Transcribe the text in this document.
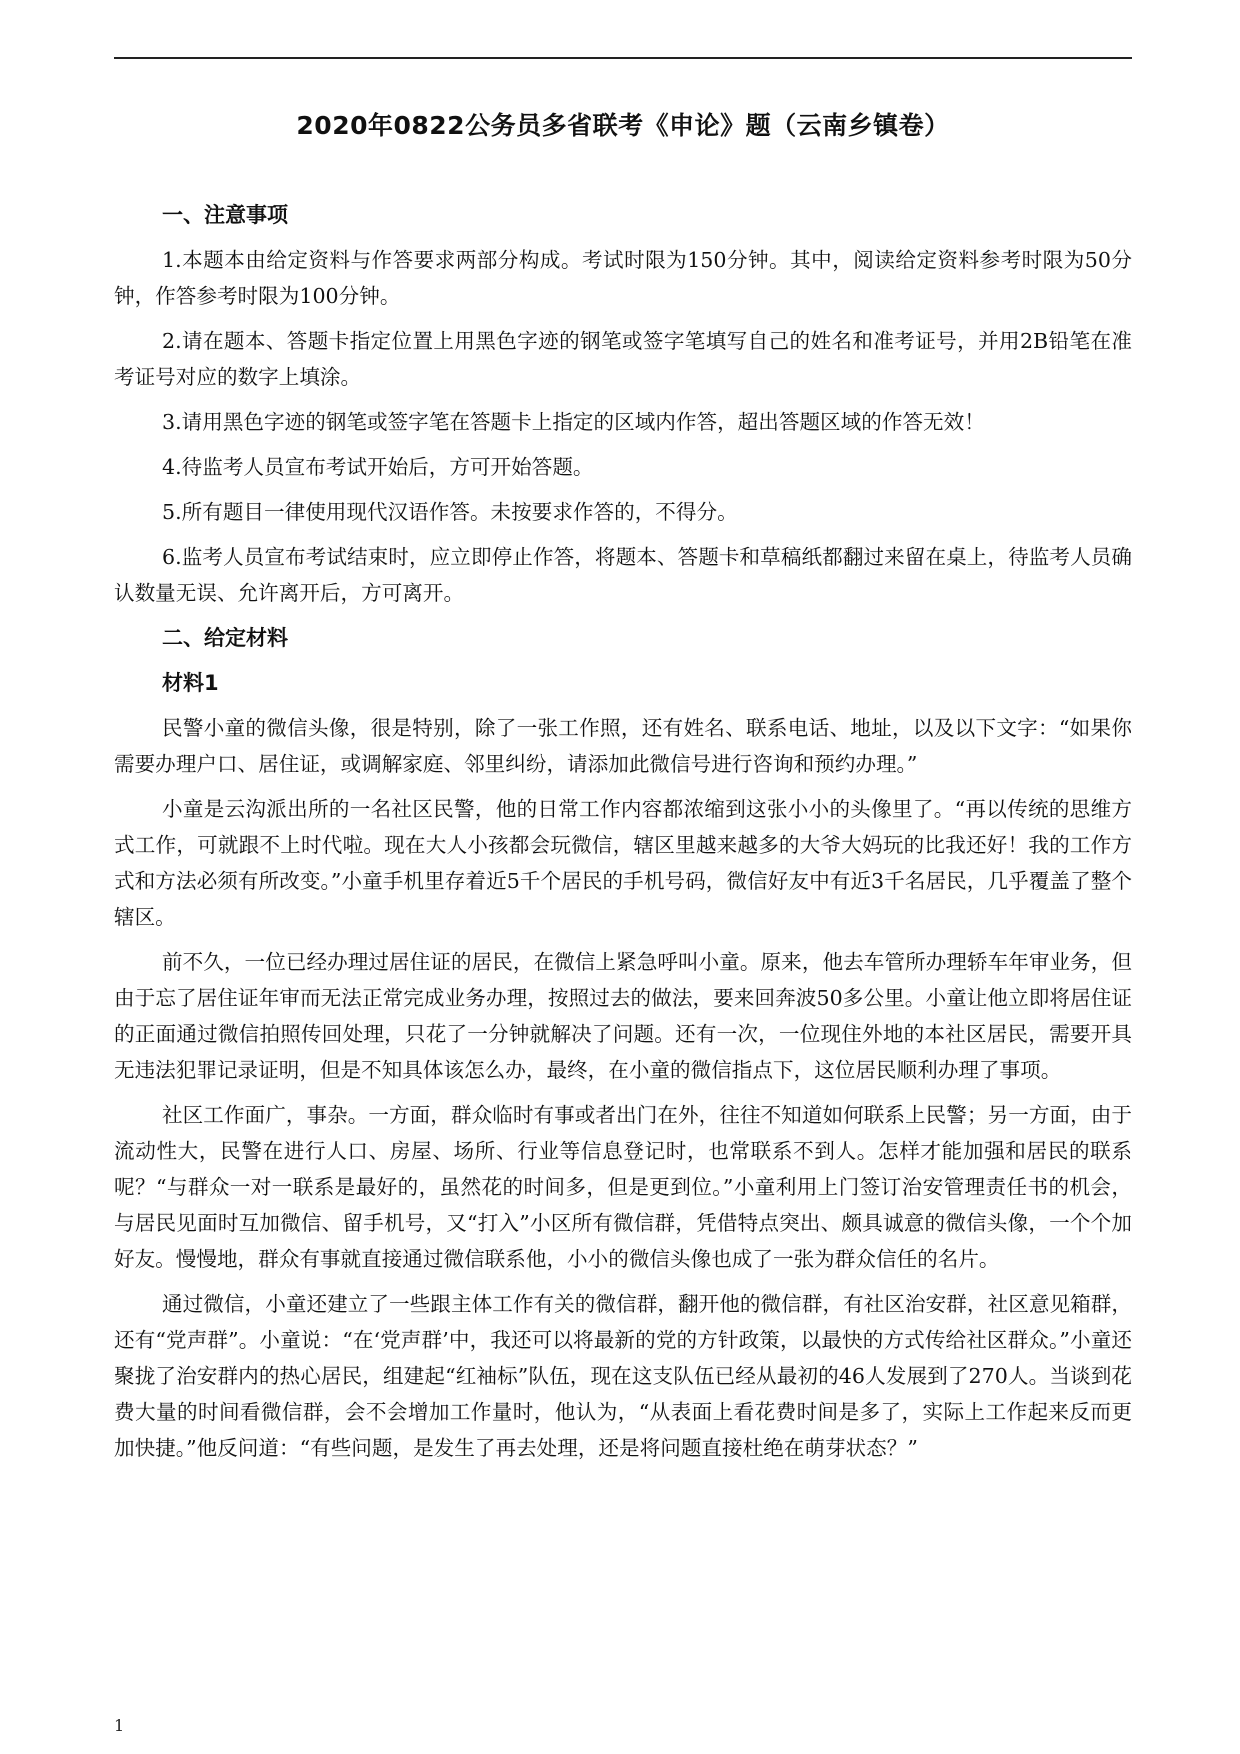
2020年0822公务员多省联考《申论》题（云南乡镇卷）
一、注意事项
1.本题本由给定资料与作答要求两部分构成。考试时限为150分钟。其中，阅读给定资料参考时限为50分钟，作答参考时限为100分钟。
2.请在题本、答题卡指定位置上用黑色字迹的钢笔或签字笔填写自己的姓名和准考证号，并用2B铅笔在准考证号对应的数字上填涂。
3.请用黑色字迹的钢笔或签字笔在答题卡上指定的区域内作答，超出答题区域的作答无效！
4.待监考人员宣布考试开始后，方可开始答题。
5.所有题目一律使用现代汉语作答。未按要求作答的，不得分。
6.监考人员宣布考试结束时，应立即停止作答，将题本、答题卡和草稿纸都翻过来留在桌上，待监考人员确认数量无误、允许离开后，方可离开。
二、给定材料
材料1
民警小童的微信头像，很是特别，除了一张工作照，还有姓名、联系电话、地址，以及以下文字：“如果你需要办理户口、居住证，或调解家庭、邻里纠纷，请添加此微信号进行咨询和预约办理。”
小童是云沟派出所的一名社区民警，他的日常工作内容都浓缩到这张小小的头像里了。“再以传统的思维方式工作，可就跟不上时代啦。现在大人小孩都会玩微信，辖区里越来越多的大爷大妈玩的比我还好！我的工作方式和方法必须有所改变。”小童手机里存着近5千个居民的手机号码，微信好友中有近3千名居民，几乎覆盖了整个辖区。
前不久，一位已经办理过居住证的居民，在微信上紧急呼叫小童。原来，他去车管所办理轿车年审业务，但由于忘了居住证年审而无法正常完成业务办理，按照过去的做法，要来回奔波50多公里。小童让他立即将居住证的正面通过微信拍照传回处理，只花了一分钟就解决了问题。还有一次，一位现住外地的本社区居民，需要开具无违法犯罪记录证明，但是不知具体该怎么办，最终，在小童的微信指点下，这位居民顺利办理了事项。
社区工作面广，事杂。一方面，群众临时有事或者出门在外，往往不知道如何联系上民警；另一方面，由于流动性大，民警在进行人口、房屋、场所、行业等信息登记时，也常联系不到人。怎样才能加强和居民的联系呢？“与群众一对一联系是最好的，虽然花的时间多，但是更到位。”小童利用上门签订治安管理责任书的机会，与居民见面时互加微信、留手机号，又“打入”小区所有微信群，凭借特点突出、颇具诚意的微信头像，一个个加好友。慢慢地，群众有事就直接通过微信联系他，小小的微信头像也成了一张为群众信任的名片。
通过微信，小童还建立了一些跟主体工作有关的微信群，翻开他的微信群，有社区治安群，社区意见箱群，还有“党声群”。小童说：“在‘党声群’中，我还可以将最新的党的方针政策，以最快的方式传给社区群众。”小童还聚拢了治安群内的热心居民，组建起“红袖标”队伍，现在这支队伍已经从最初的46人发展到了270人。当谈到花费大量的时间看微信群，会不会增加工作量时，他认为，“从表面上看花费时间是多了，实际上工作起来反而更加快捷。”他反问道：“有些问题，是发生了再去处理，还是将问题直接杜绝在萌芽状态？”
1
